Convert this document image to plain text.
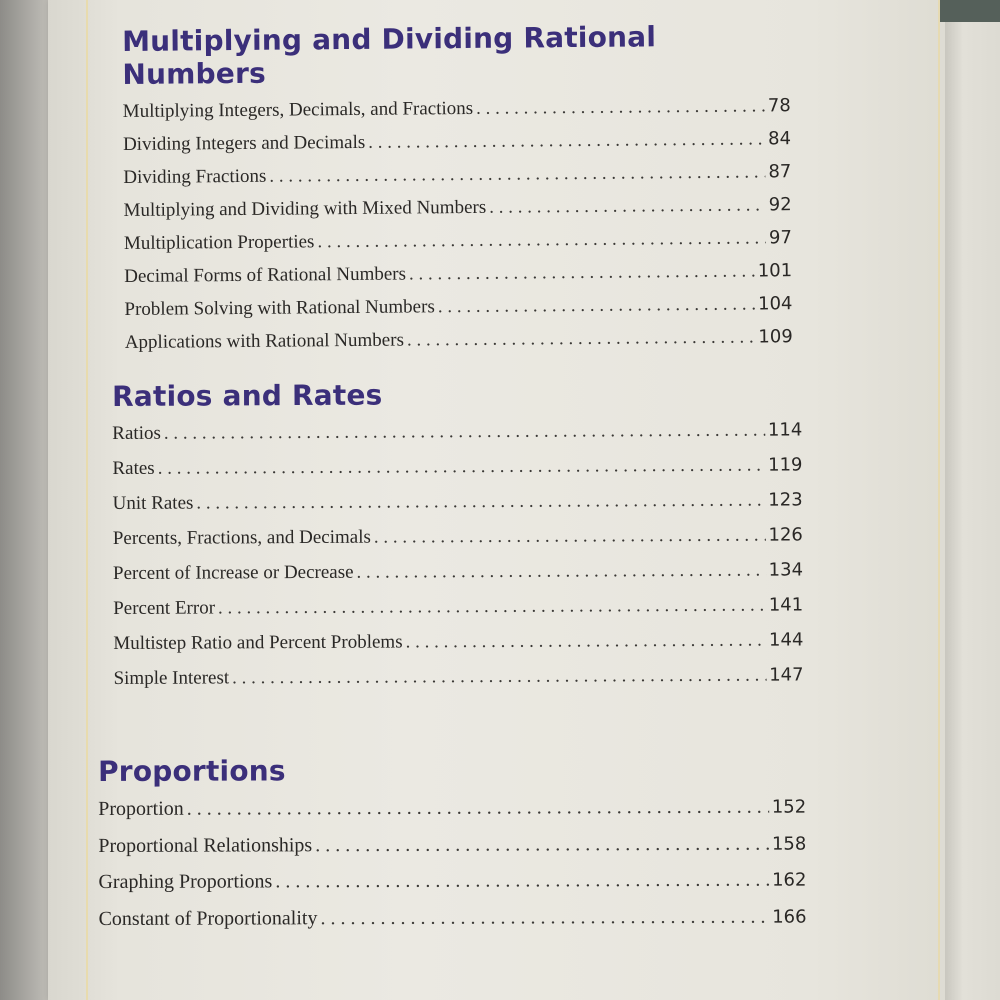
Multiplying and Dividing Rational Numbers
Multiplying Integers, Decimals, and Fractions . . .	78
Dividing Integers and Decimals . . .	84
Dividing Fractions . . .	87
Multiplying and Dividing with Mixed Numbers . . .	92
Multiplication Properties . . .	97
Decimal Forms of Rational Numbers . . .	101
Problem Solving with Rational Numbers . . .	104
Applications with Rational Numbers . . .	109
Ratios and Rates
Ratios . . .	114
Rates . . .	119
Unit Rates . . .	123
Percents, Fractions, and Decimals . . .	126
Percent of Increase or Decrease . . .	134
Percent Error . . .	141
Multistep Ratio and Percent Problems . . .	144
Simple Interest . . .	147
Proportions
Proportion . . .	152
Proportional Relationships . . .	158
Graphing Proportions . . .	162
Constant of Proportionality . . .	166
